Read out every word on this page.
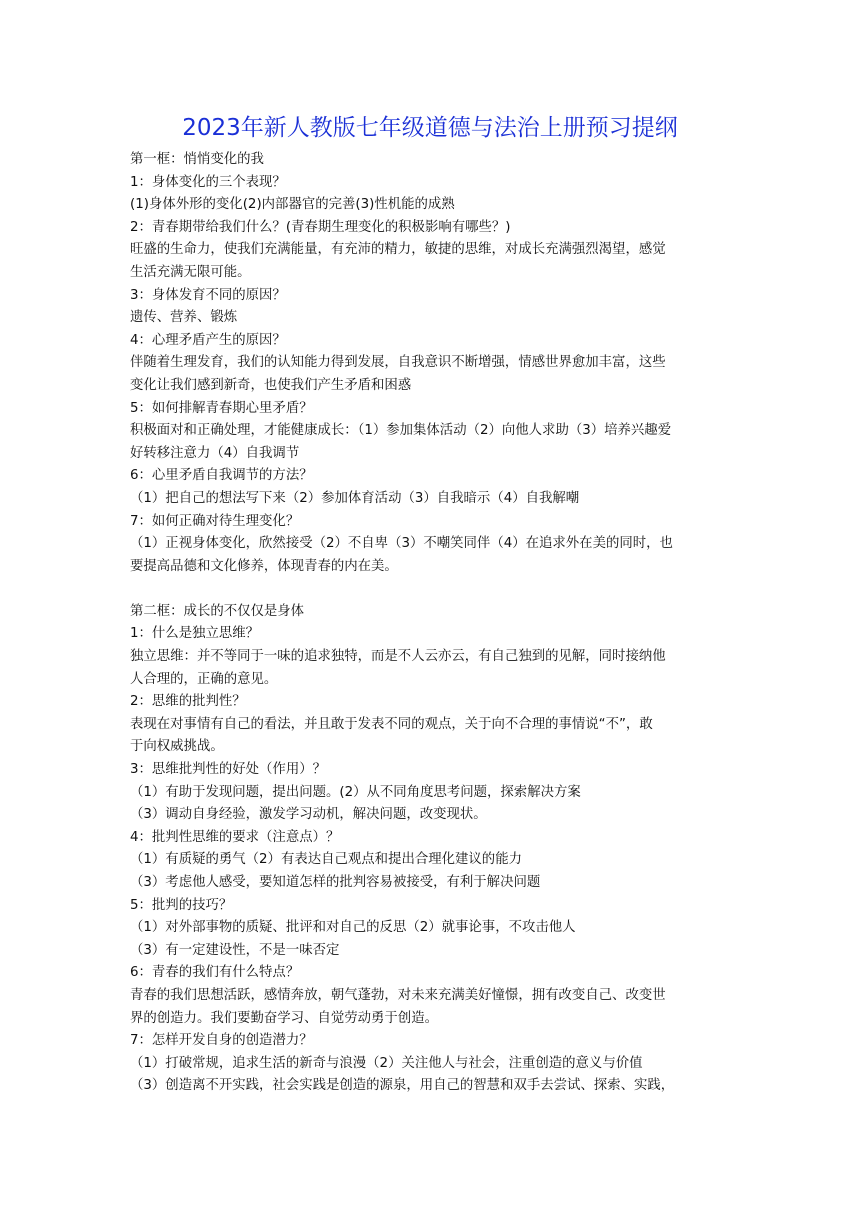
2023年新人教版七年级道德与法治上册预习提纲
第一框：悄悄变化的我
1：身体变化的三个表现？
(1)身体外形的变化(2)内部器官的完善(3)性机能的成熟
2：青春期带给我们什么？(青春期生理变化的积极影响有哪些？)
旺盛的生命力，使我们充满能量，有充沛的精力，敏捷的思维，对成长充满强烈渴望，感觉
生活充满无限可能。
3：身体发育不同的原因？
遗传、营养、锻炼
4：心理矛盾产生的原因？
伴随着生理发育，我们的认知能力得到发展，自我意识不断增强，情感世界愈加丰富，这些
变化让我们感到新奇，也使我们产生矛盾和困惑
5：如何排解青春期心里矛盾？
积极面对和正确处理，才能健康成长：（1）参加集体活动（2）向他人求助（3）培养兴趣爱
好转移注意力（4）自我调节
6：心里矛盾自我调节的方法？
（1）把自己的想法写下来（2）参加体育活动（3）自我暗示（4）自我解嘲
7：如何正确对待生理变化？
（1）正视身体变化，欣然接受（2）不自卑（3）不嘲笑同伴（4）在追求外在美的同时，也
要提高品德和文化修养，体现青春的内在美。
第二框：成长的不仅仅是身体
1：什么是独立思维？
独立思维：并不等同于一味的追求独特，而是不人云亦云，有自己独到的见解，同时接纳他
人合理的，正确的意见。
2：思维的批判性？
表现在对事情有自己的看法，并且敢于发表不同的观点，关于向不合理的事情说“不”，敢
于向权威挑战。
3：思维批判性的好处（作用）？
（1）有助于发现问题，提出问题。(2）从不同角度思考问题，探索解决方案
（3）调动自身经验，激发学习动机，解决问题，改变现状。
4：批判性思维的要求（注意点）？
（1）有质疑的勇气（2）有表达自己观点和提出合理化建议的能力
（3）考虑他人感受，要知道怎样的批判容易被接受，有利于解决问题
5：批判的技巧？
（1）对外部事物的质疑、批评和对自己的反思（2）就事论事，不攻击他人
（3）有一定建设性，不是一味否定
6：青春的我们有什么特点？
青春的我们思想活跃，感情奔放，朝气蓬勃，对未来充满美好憧憬，拥有改变自己、改变世
界的创造力。我们要勤奋学习、自觉劳动勇于创造。
7：怎样开发自身的创造潜力？
（1）打破常规，追求生活的新奇与浪漫（2）关注他人与社会，注重创造的意义与价值
（3）创造离不开实践，社会实践是创造的源泉，用自己的智慧和双手去尝试、探索、实践，
